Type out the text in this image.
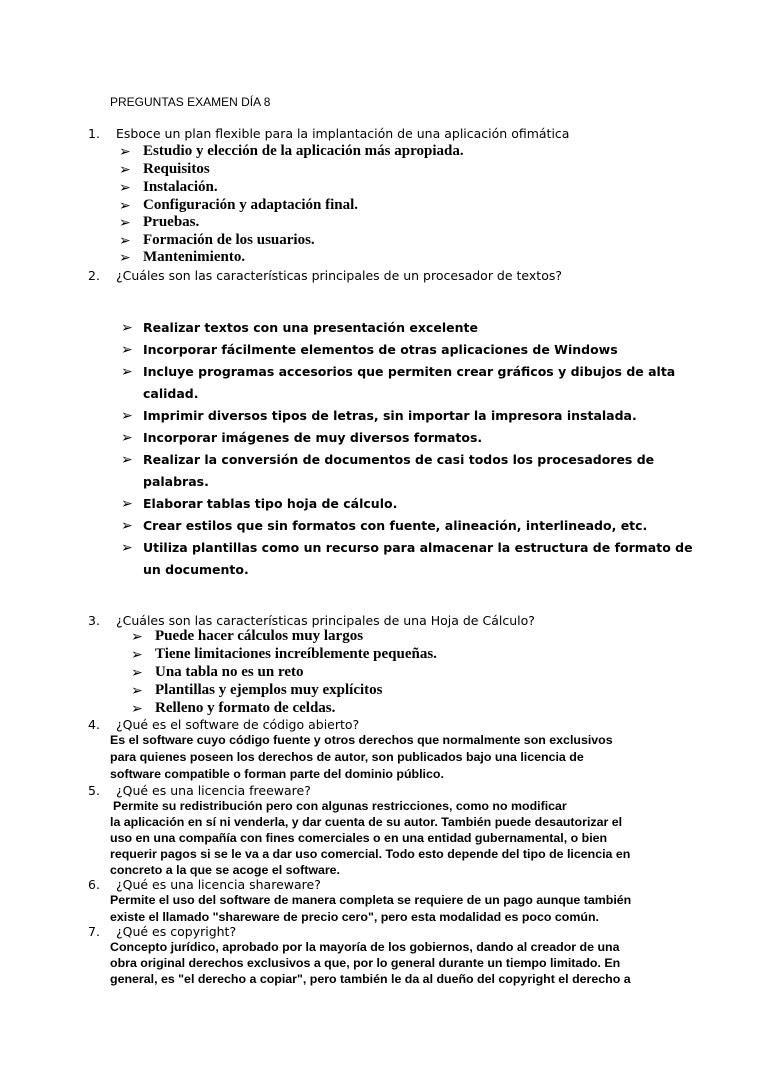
PREGUNTAS EXAMEN DÍA 8
1. Esboce un plan flexible para la implantación de una aplicación ofimática
➢ Estudio y elección de la aplicación más apropiada.
➢ Requisitos
➢ Instalación.
➢ Configuración y adaptación final.
➢ Pruebas.
➢ Formación de los usuarios.
➢ Mantenimiento.
2. ¿Cuáles son las características principales de un procesador de textos?
➢ Realizar textos con una presentación excelente
➢ Incorporar fácilmente elementos de otras aplicaciones de Windows
➢ Incluye programas accesorios que permiten crear gráficos y dibujos de alta
calidad.
➢ Imprimir diversos tipos de letras, sin importar la impresora instalada.
➢ Incorporar imágenes de muy diversos formatos.
➢ Realizar la conversión de documentos de casi todos los procesadores de
palabras.
➢ Elaborar tablas tipo hoja de cálculo.
➢ Crear estilos que sin formatos con fuente, alineación, interlineado, etc.
➢ Utiliza plantillas como un recurso para almacenar la estructura de formato de
un documento.
3. ¿Cuáles son las características principales de una Hoja de Cálculo?
➢ Puede hacer cálculos muy largos
➢ Tiene limitaciones increíblemente pequeñas.
➢ Una tabla no es un reto
➢ Plantillas y ejemplos muy explícitos
➢ Relleno y formato de celdas.
4. ¿Qué es el software de código abierto?
Es el software cuyo código fuente y otros derechos que normalmente son exclusivos
para quienes poseen los derechos de autor, son publicados bajo una licencia de
software compatible o forman parte del dominio público.
5. ¿Qué es una licencia freeware?
Permite su redistribución pero con algunas restricciones, como no modificar
la aplicación en sí ni venderla, y dar cuenta de su autor. También puede desautorizar el
uso en una compañía con fines comerciales o en una entidad gubernamental, o bien
requerir pagos si se le va a dar uso comercial. Todo esto depende del tipo de licencia en
concreto a la que se acoge el software.
6. ¿Qué es una licencia shareware?
Permite el uso del software de manera completa se requiere de un pago aunque también
existe el llamado "shareware de precio cero", pero esta modalidad es poco común.
7. ¿Qué es copyright?
Concepto jurídico, aprobado por la mayoría de los gobiernos, dando al creador de una
obra original derechos exclusivos a que, por lo general durante un tiempo limitado. En
general, es "el derecho a copiar", pero también le da al dueño del copyright el derecho a
